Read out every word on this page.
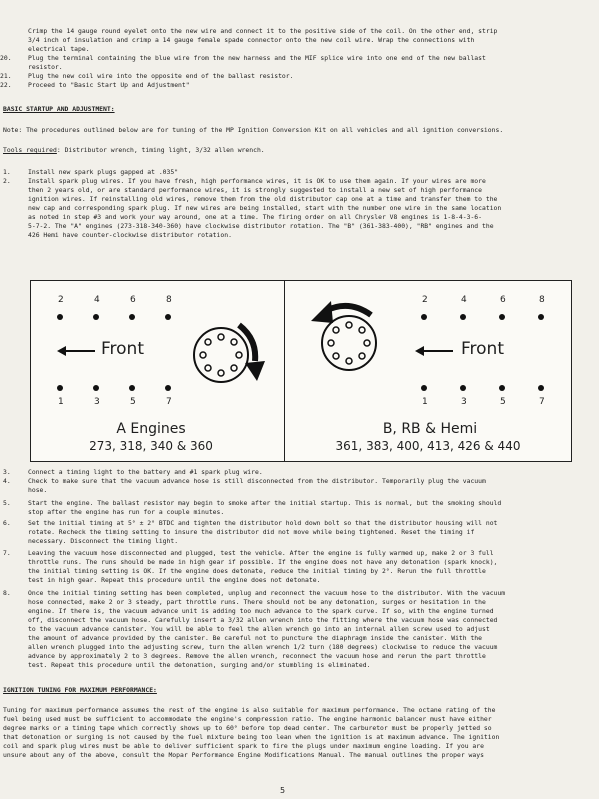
Crimp the 14 gauge round eyelet onto the new wire and connect it to the positive side of the coil. On the other end, strip
3/4 inch of insulation and crimp a 14 gauge female spade connector onto the new coil wire. Wrap the connections with
electrical tape.
20.	Plug the terminal containing the blue wire from the new harness and the MIF splice wire into one end of the new ballast
resistor.
21.	Plug the new coil wire into the opposite end of the ballast resistor.
22.	Proceed to "Basic Start Up and Adjustment"
BASIC STARTUP AND ADJUSTMENT:
Note: The procedures outlined below are for tuning of the MP Ignition Conversion Kit on all vehicles and all ignition conversions.
Tools required: Distributor wrench, timing light, 3/32 allen wrench.
1.	Install new spark plugs gapped at .035"
2.	Install spark plug wires. If you have fresh, high performance wires, it is OK to use them again. If your wires are more
then 2 years old, or are standard performance wires, it is strongly suggested to install a new set of high performance
ignition wires. If reinstalling old wires, remove them from the old distributor cap one at a time and transfer them to the
new cap and corresponding spark plug. If new wires are being installed, start with the number one wire in the same location
as noted in step #3 and work your way around, one at a time. The firing order on all Chrysler V8 engines is 1-8-4-3-6-
5-7-2. The "A" engines (273-318-340-360) have clockwise distributor rotation. The "B" (361-383-400), "RB" engines and the
426 Hemi have counter-clockwise distributor rotation.
2	4	6	8
Front
1	3	5	7
A Engines
273, 318, 340 & 360
2	4	6	8
Front
1	3	5	7
B, RB & Hemi
361, 383, 400, 413, 426 & 440
3.	Connect a timing light to the battery and #1 spark plug wire.
4.	Check to make sure that the vacuum advance hose is still disconnected from the distributor. Temporarily plug the vacuum
hose.
5.	Start the engine. The ballast resistor may begin to smoke after the initial startup. This is normal, but the smoking should
stop after the engine has run for a couple minutes.
6.	Set the initial timing at 5° ± 2° BTDC and tighten the distributor hold down bolt so that the distributor housing will not
rotate. Recheck the timing setting to insure the distributor did not move while being tightened. Reset the timing if
necessary. Disconnect the timing light.
7.	Leaving the vacuum hose disconnected and plugged, test the vehicle. After the engine is fully warmed up, make 2 or 3 full
throttle runs. The runs should be made in high gear if possible. If the engine does not have any detonation (spark knock),
the initial timing setting is OK. If the engine does detonate, reduce the initial timing by 2°. Rerun the full throttle
test in high gear. Repeat this procedure until the engine does not detonate.
8.	Once the initial timing setting has been completed, unplug and reconnect the vacuum hose to the distributor. With the vacuum
hose connected, make 2 or 3 steady, part throttle runs. There should not be any detonation, surges or hesitation in the
engine. If there is, the vacuum advance unit is adding too much advance to the spark curve. If so, with the engine turned
off, disconnect the vacuum hose. Carefully insert a 3/32 allen wrench into the fitting where the vacuum hose was connected
to the vacuum advance canister. You will be able to feel the allen wrench go into an internal allen screw used to adjust
the amount of advance provided by the canister. Be careful not to puncture the diaphragm inside the canister. With the
allen wrench plugged into the adjusting screw, turn the allen wrench 1/2 turn (180 degrees) clockwise to reduce the vacuum
advance by approximately 2 to 3 degrees. Remove the allen wrench, reconnect the vacuum hose and rerun the part throttle
test. Repeat this procedure until the detonation, surging and/or stumbling is eliminated.
IGNITION TUNING FOR MAXIMUM PERFORMANCE:
Tuning for maximum performance assumes the rest of the engine is also suitable for maximum performance. The octane rating of the
fuel being used must be sufficient to accommodate the engine's compression ratio. The engine harmonic balancer must have either
degree marks or a timing tape which correctly shows up to 60° before top dead center. The carburetor must be properly jetted so
that detonation or surging is not caused by the fuel mixture being too lean when the ignition is at maximum advance. The ignition
coil and spark plug wires must be able to deliver sufficient spark to fire the plugs under maximum engine loading. If you are
unsure about any of the above, consult the Mopar Performance Engine Modifications Manual. The manual outlines the proper ways
5
